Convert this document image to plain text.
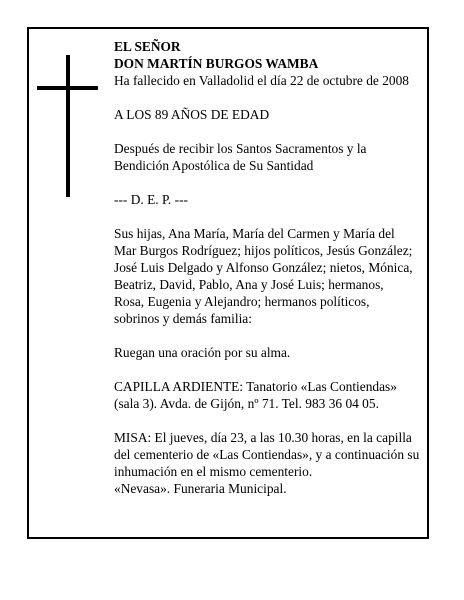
EL SEÑOR
DON MARTÍN BURGOS WAMBA
Ha fallecido en Valladolid el día 22 de octubre de 2008
A LOS 89 AÑOS DE EDAD
Después de recibir los Santos Sacramentos y la
Bendición Apostólica de Su Santidad
--- D. E. P. ---
Sus hijas, Ana María, María del Carmen y María del
Mar Burgos Rodríguez; hijos políticos, Jesús González;
José Luis Delgado y Alfonso González; nietos, Mónica,
Beatriz, David, Pablo, Ana y José Luis; hermanos,
Rosa, Eugenia y Alejandro; hermanos políticos,
sobrinos y demás familia:
Ruegan una oración por su alma.
CAPILLA ARDIENTE: Tanatorio «Las Contiendas»
(sala 3). Avda. de Gijón, nº 71. Tel. 983 36 04 05.
MISA: El jueves, día 23, a las 10.30 horas, en la capilla
del cementerio de «Las Contiendas», y a continuación su
inhumación en el mismo cementerio.
«Nevasa». Funeraria Municipal.
